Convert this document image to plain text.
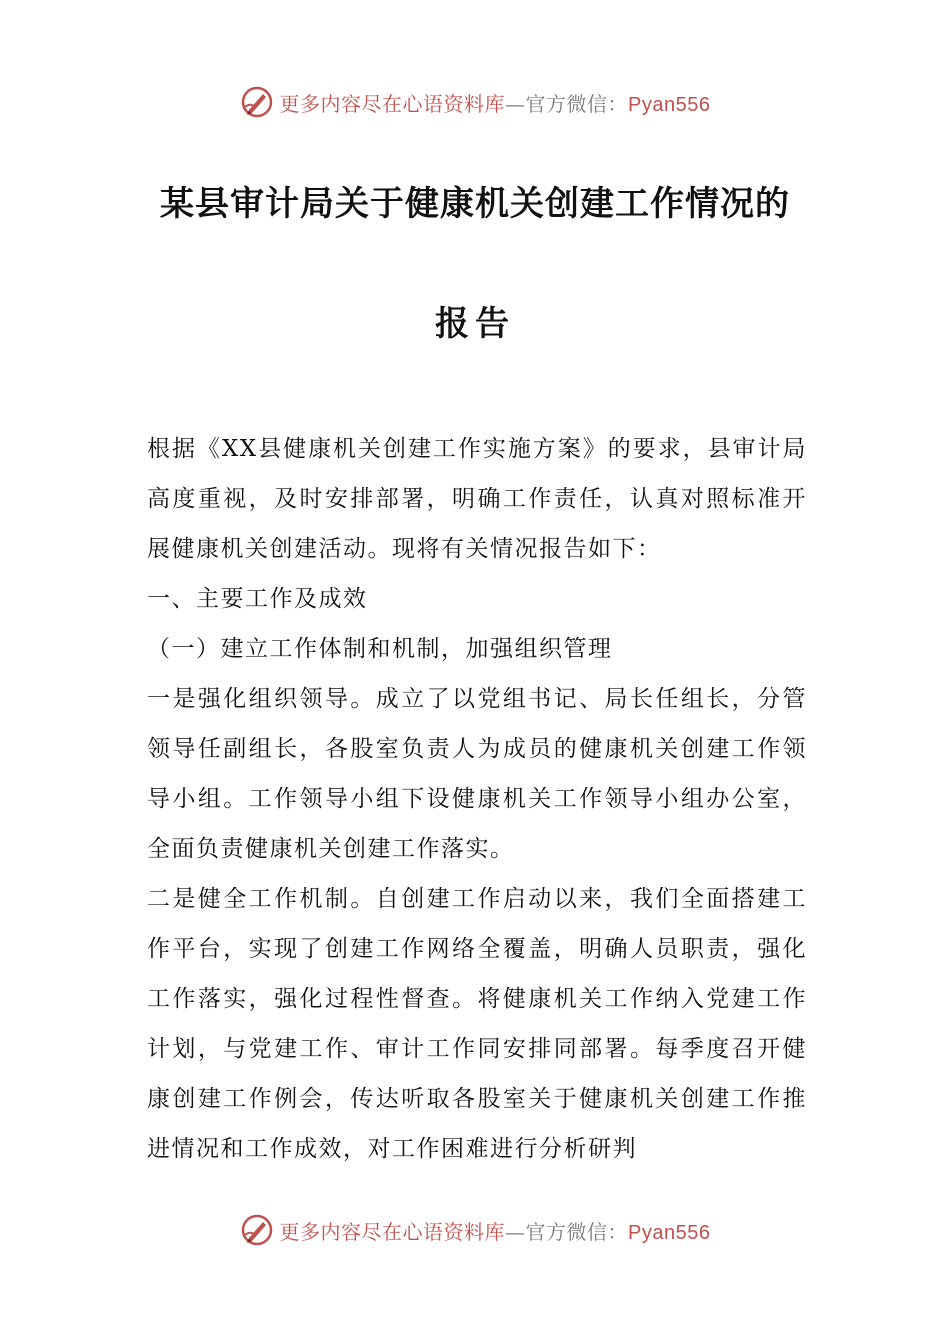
更多内容尽在心语资料库—官方微信：Pyan556
某县审计局关于健康机关创建工作情况的
报告

根据《XX县健康机关创建工作实施方案》的要求，县审计局高度重视，及时安排部署，明确工作责任，认真对照标准开展健康机关创建活动。现将有关情况报告如下：

一、主要工作及成效

（一）建立工作体制和机制，加强组织管理

一是强化组织领导。成立了以党组书记、局长任组长，分管领导任副组长，各股室负责人为成员的健康机关创建工作领导小组。工作领导小组下设健康机关工作领导小组办公室，全面负责健康机关创建工作落实。

二是健全工作机制。自创建工作启动以来，我们全面搭建工作平台，实现了创建工作网络全覆盖，明确人员职责，强化工作落实，强化过程性督查。将健康机关工作纳入党建工作计划，与党建工作、审计工作同安排同部署。每季度召开健康创建工作例会，传达听取各股室关于健康机关创建工作推进情况和工作成效，对工作困难进行分析研判

更多内容尽在心语资料库—官方微信：Pyan556
